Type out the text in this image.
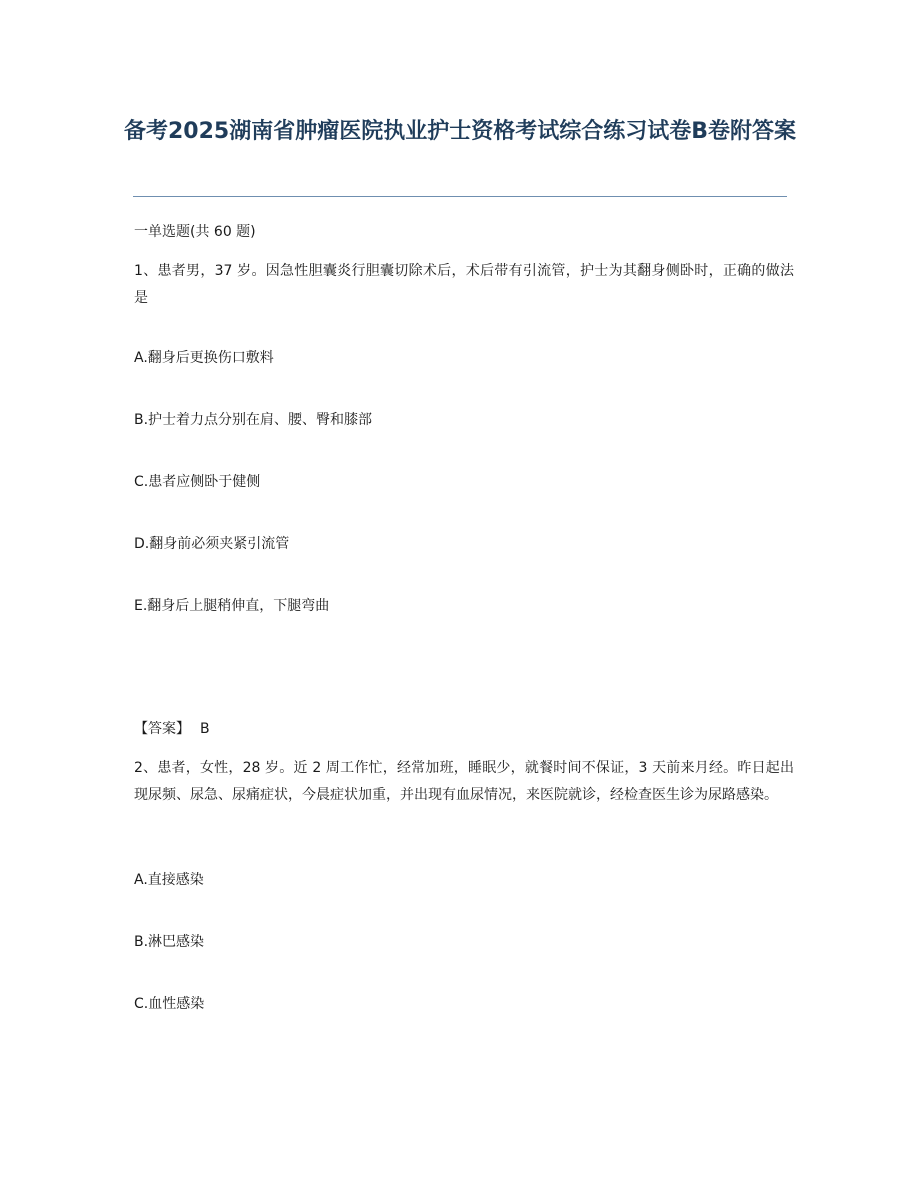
备考2025湖南省肿瘤医院执业护士资格考试综合练习试卷B卷附答案

一单选题(共 60 题)

1、患者男，37 岁。因急性胆囊炎行胆囊切除术后，术后带有引流管，护士为其翻身侧卧时，正确的做法是

A.翻身后更换伤口敷料

B.护士着力点分别在肩、腰、臀和膝部

C.患者应侧卧于健侧

D.翻身前必须夹紧引流管

E.翻身后上腿稍伸直，下腿弯曲

【答案】 B

2、患者，女性，28 岁。近 2 周工作忙，经常加班，睡眠少，就餐时间不保证，3 天前来月经。昨日起出现尿频、尿急、尿痛症状，今晨症状加重，并出现有血尿情况，来医院就诊，经检查医生诊为尿路感染。

A.直接感染

B.淋巴感染

C.血性感染
